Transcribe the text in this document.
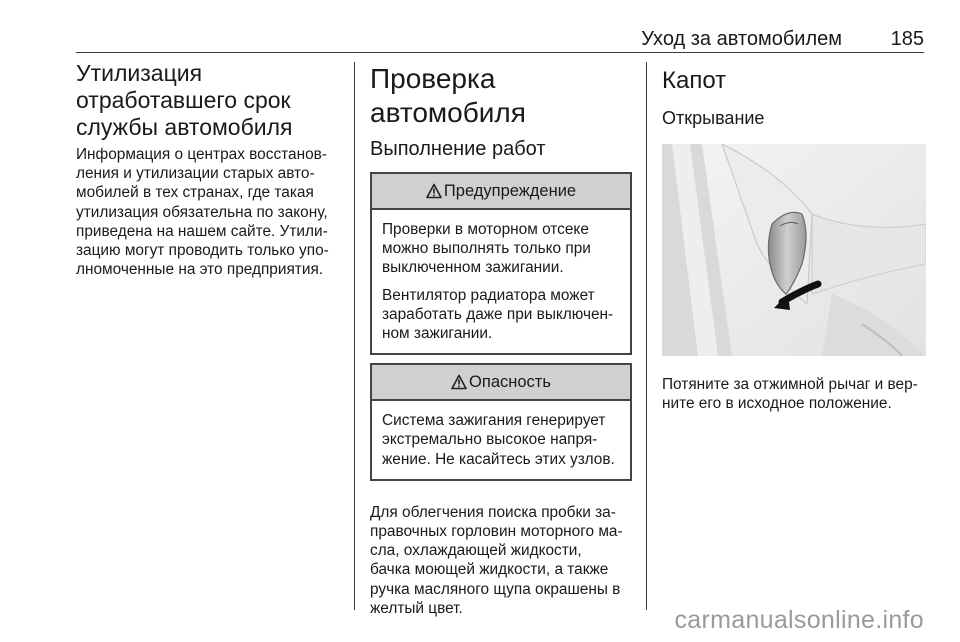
Уход за автомобилем 185
Утилизация
отработавшего срок
службы автомобиля

Информация о центрах восстанов-
ления и утилизации старых авто-
мобилей в тех странах, где такая
утилизация обязательна по закону,
приведена на нашем сайте. Утили-
зацию могут проводить только упо-
лномоченные на это предприятия.

Проверка автомобиля
Выполнение работ
Предупреждение

Проверки в моторном отсеке
можно выполнять только при
выключенном зажигании.

Вентилятор радиатора может
заработать даже при выключен-
ном зажигании.

Опасность

Система зажигания генерирует
экстремально высокое напря-
жение. Не касайтесь этих узлов.

Для облегчения поиска пробки за-
правочных горловин моторного ма-
сла, охлаждающей жидкости,
бачка моющей жидкости, а также
ручка масляного щупа окрашены в
желтый цвет.

Капот
Открывание

Потяните за отжимной рычаг и вер-
ните его в исходное положение.

carmanualsonline.info
